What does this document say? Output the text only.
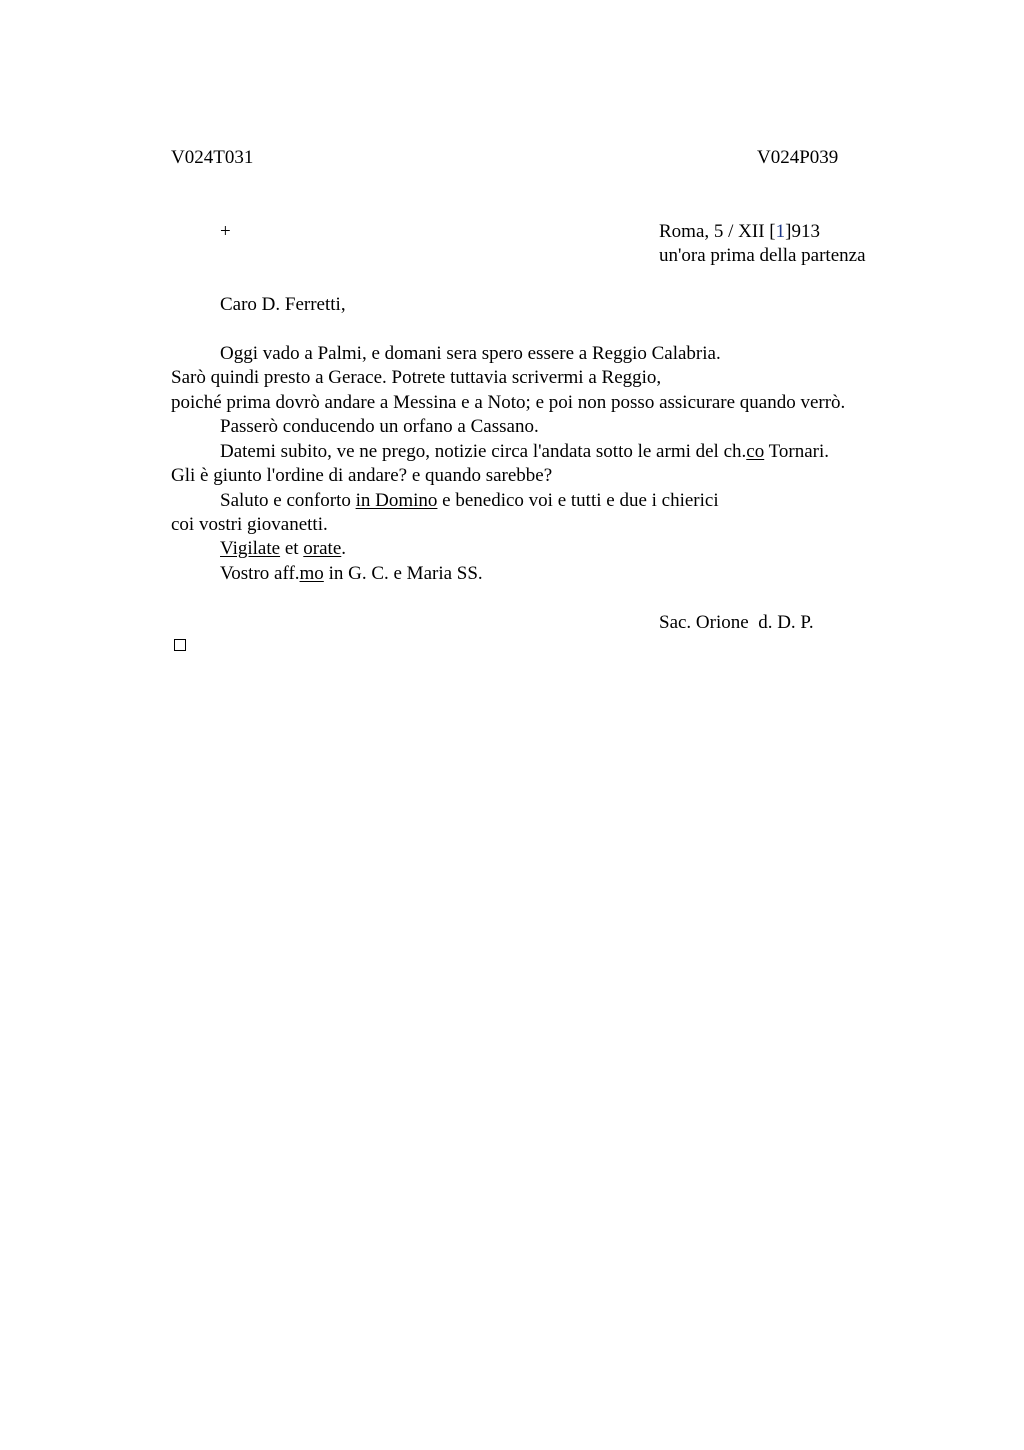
V024T031	V024P039
+	Roma, 5 / XII [1]913
un'ora prima della partenza
Caro D. Ferretti,
Oggi vado a Palmi, e domani sera spero essere a Reggio Calabria.
Sarò quindi presto a Gerace. Potrete tuttavia scrivermi a Reggio,
poiché prima dovrò andare a Messina e a Noto; e poi non posso assicurare quando verrò.
Passerò conducendo un orfano a Cassano.
Datemi subito, ve ne prego, notizie circa l'andata sotto le armi del ch.co Tornari.
Gli è giunto l'ordine di andare? e quando sarebbe?
Saluto e conforto in Domino e benedico voi e tutti e due i chierici
coi vostri giovanetti.
Vigilate et orate.
Vostro aff.mo in G. C. e Maria SS.
Sac. Orione  d. D. P.
